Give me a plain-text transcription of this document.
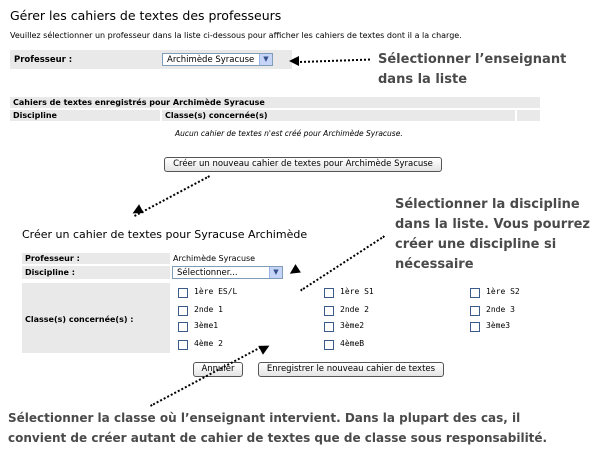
Gérer les cahiers de textes des professeurs
Veuillez sélectionner un professeur dans la liste ci-dessous pour afficher les cahiers de textes dont il a la charge.
Professeur :	Archimède Syracuse	▼
Cahiers de textes enregistrés pour Archimède Syracuse
Discipline	Classe(s) concernée(s)
Aucun cahier de textes n'est créé pour Archimède Syracuse.
Créer un nouveau cahier de textes pour Archimède Syracuse
Créer un cahier de textes pour Syracuse Archimède
Professeur :	Archimède Syracuse
Discipline :	Sélectionner...	▼
Classe(s) concernée(s) :
1ère ES/L	1ère S1	1ère S2
2nde 1	2nde 2	2nde 3
3ème1	3ème2	3ème3
4ème 2	4èmeB
Annuler	Enregistrer le nouveau cahier de textes
Sélectionner l’enseignant
dans la liste
Sélectionner la discipline
dans la liste. Vous pourrez
créer une discipline si
nécessaire
Sélectionner la classe où l’enseignant intervient. Dans la plupart des cas, il
convient de créer autant de cahier de textes que de classe sous responsabilité.
